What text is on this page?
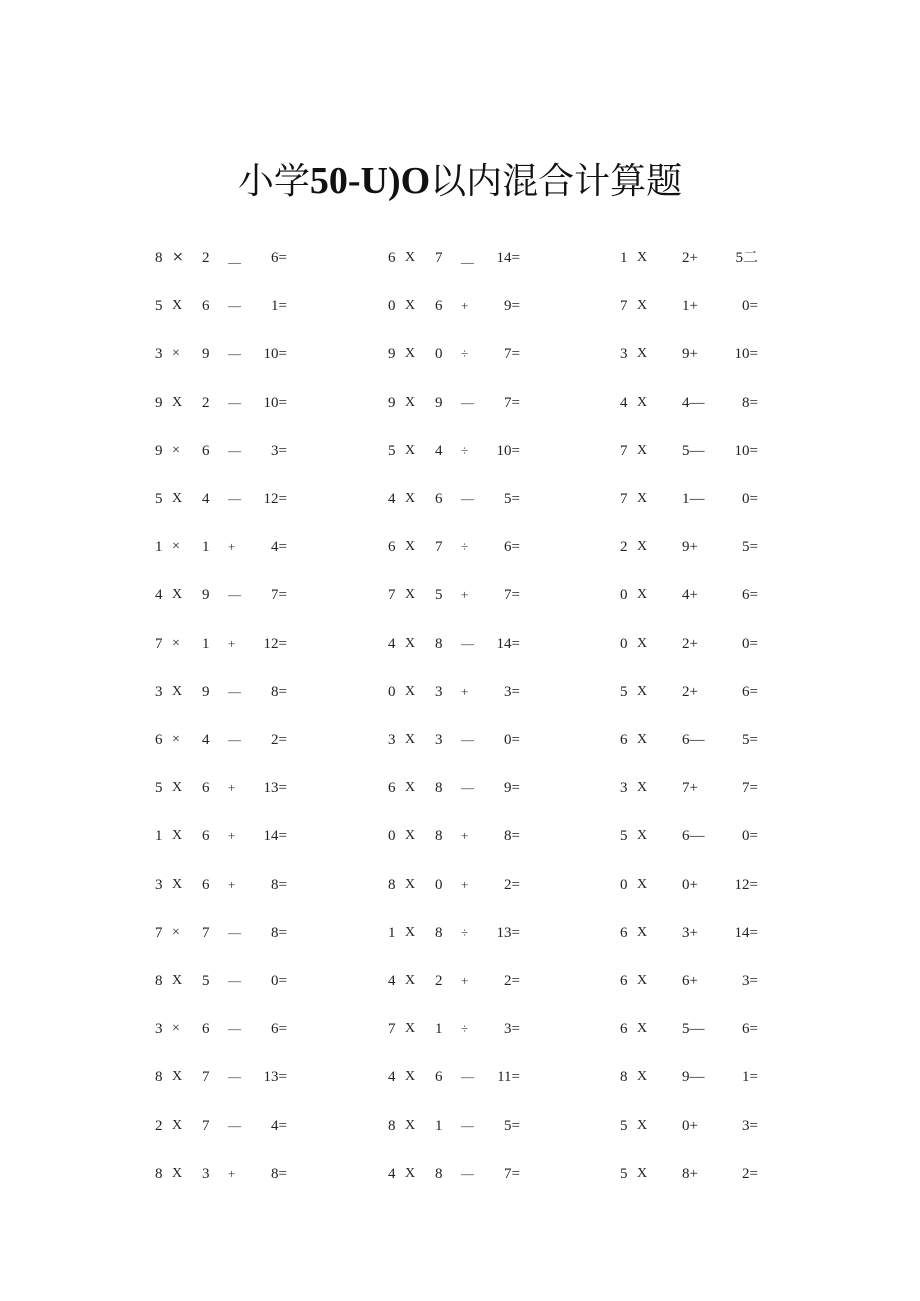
小学50-U)O以内混合计算题
8 ⨯ 2 __	6=	6 X 7 __	14=	1 X 2+	5二
5 X 6 —	1=	0 X 6 +	9=	7 X 1+	0=
3 × 9 —	10=	9 X 0 ÷	7=	3 X 9+	10=
9 X 2 —	10=	9 X 9 —	7=	4 X 4—	8=
9 × 6 —	3=	5 X 4 ÷	10=	7 X 5—	10=
5 X 4 —	12=	4 X 6 —	5=	7 X 1—	0=
1 × 1 +	4=	6 X 7 ÷	6=	2 X 9+	5=
4 X 9 —	7=	7 X 5 +	7=	0 X 4+	6=
7 × 1 +	12=	4 X 8 —	14=	0 X 2+	0=
3 X 9 —	8=	0 X 3 +	3=	5 X 2+	6=
6 × 4 —	2=	3 X 3 —	0=	6 X 6—	5=
5 X 6 +	13=	6 X 8 —	9=	3 X 7+	7=
1 X 6 +	14=	0 X 8 +	8=	5 X 6—	0=
3 X 6 +	8=	8 X 0 +	2=	0 X 0+	12=
7 × 7 —	8=	1 X 8 ÷	13=	6 X 3+	14=
8 X 5 —	0=	4 X 2 +	2=	6 X 6+	3=
3 × 6 —	6=	7 X 1 ÷	3=	6 X 5—	6=
8 X 7 —	13=	4 X 6 —	11=	8 X 9—	1=
2 X 7 —	4=	8 X 1 —	5=	5 X 0+	3=
8 X 3 +	8=	4 X 8 —	7=	5 X 8+	2=
